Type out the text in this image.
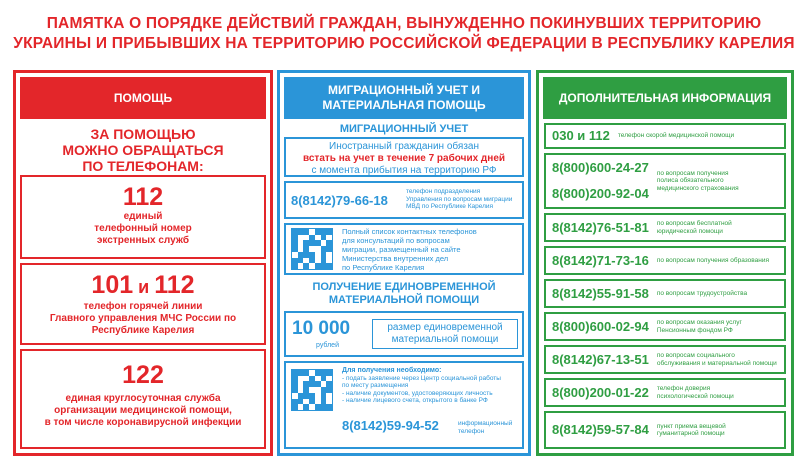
ПАМЯТКА О ПОРЯДКЕ ДЕЙСТВИЙ ГРАЖДАН, ВЫНУЖДЕННО ПОКИНУВШИХ ТЕРРИТОРИЮ
УКРАИНЫ И ПРИБЫВШИХ НА ТЕРРИТОРИЮ РОССИЙСКОЙ ФЕДЕРАЦИИ В РЕСПУБЛИКУ КАРЕЛИЯ
ПОМОЩЬ
ЗА ПОМОЩЬЮ
МОЖНО ОБРАЩАТЬСЯ
ПО ТЕЛЕФОНАМ:
112
единый
телефонный номер
экстренных служб
101 и 112
телефон горячей линии
Главного управления МЧС России по
Республике Карелия
122
единая круглосуточная служба
организации медицинской помощи,
в том числе коронавирусной инфекции
МИГРАЦИОННЫЙ УЧЕТ И
МАТЕРИАЛЬНАЯ ПОМОЩЬ
МИГРАЦИОННЫЙ УЧЕТ
Иностранный гражданин обязан
встать на учет в течение 7 рабочих дней
с момента прибытия на территорию РФ
8(8142)79-66-18
телефон подразделения
Управления по вопросам миграции
МВД по Республике Карелия
Полный список контактных телефонов
для консультаций по вопросам
миграции, размещенный на сайте
Министерства внутренних дел
по Республике Карелия
ПОЛУЧЕНИЕ ЕДИНОВРЕМЕННОЙ
МАТЕРИАЛЬНОЙ ПОМОЩИ
10 000
рублей
размер единовременной
материальной помощи
Для получения необходимо:
- подать заявление через Центр социальной работы
по месту размещения
- наличие документов, удостоверяющих личность
- наличие лицевого счета, открытого в банке РФ
8(8142)59-94-52	информационный
телефон
ДОПОЛНИТЕЛЬНАЯ ИНФОРМАЦИЯ
030 и 112 телефон скорой медицинской помощи
8(800)600-24-27
8(800)200-92-04
по вопросам получения
полиса обязательного
медицинского страхования
8(8142)76-51-81 по вопросам бесплатной
юридической помощи
8(8142)71-73-16 по вопросам получения образования
8(8142)55-91-58 по вопросам трудоустройства
8(800)600-02-94 по вопросам оказания услуг
Пенсионным фондом РФ
8(8142)67-13-51 по вопросам социального
обслуживания и материальной помощи
8(800)200-01-22 телефон доверия
психологической помощи
8(8142)59-57-84 пункт приема вещевой
гуманитарной помощи
